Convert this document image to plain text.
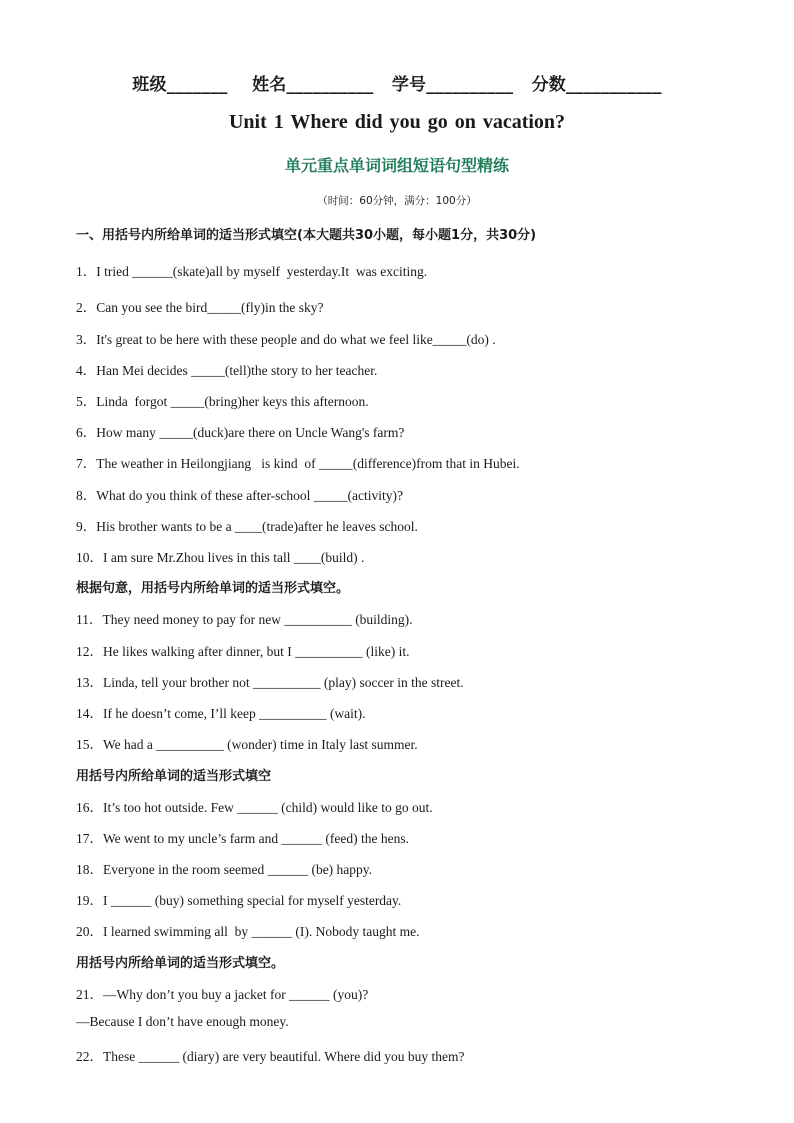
班级_______    姓名__________   学号__________   分数___________
Unit 1 Where did you go on vacation?
单元重点单词词组短语句型精练
（时间：60分钟，满分：100分）
一、用括号内所给单词的适当形式填空(本大题共30小题，每小题1分，共30分)
1．I tried ______(skate)all by myself  yesterday.It  was exciting.
2．Can you see the bird_____(fly)in the sky?
3．It's great to be here with these people and do what we feel like_____(do) .
4．Han Mei decides _____(tell)the story to her teacher.
5．Linda  forgot _____(bring)her keys this afternoon.
6．How many _____(duck)are there on Uncle Wang's farm?
7．The weather in Heilongjiang   is kind  of _____(difference)from that in Hubei.
8．What do you think of these after-school _____(activity)?
9．His brother wants to be a ____(trade)after he leaves school.
10．I am sure Mr.Zhou lives in this tall ____(build) .
根据句意，用括号内所给单词的适当形式填空。
11．They need money to pay for new __________ (building).
12．He likes walking after dinner, but I __________ (like) it.
13．Linda, tell your brother not __________ (play) soccer in the street.
14．If he doesn’t come, I’ll keep __________ (wait).
15．We had a __________ (wonder) time in Italy last summer.
用括号内所给单词的适当形式填空
16．It’s too hot outside. Few ______ (child) would like to go out.
17．We went to my uncle’s farm and ______ (feed) the hens.
18．Everyone in the room seemed ______ (be) happy.
19．I ______ (buy) something special for myself yesterday.
20．I learned swimming all  by ______ (I). Nobody taught me.
用括号内所给单词的适当形式填空。
21．—Why don’t you buy a jacket for ______ (you)?
—Because I don’t have enough money.
22．These ______ (diary) are very beautiful. Where did you buy them?
